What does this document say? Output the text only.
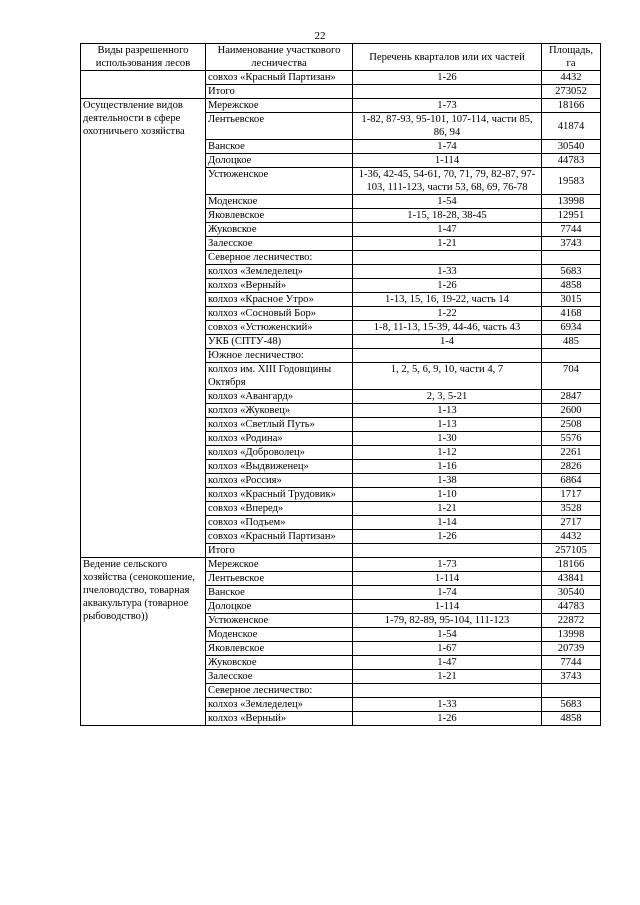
22
Виды разрешенного использования лесов	Наименование участкового лесничества	Перечень кварталов или их частей	Площадь, га
	совхоз «Красный Партизан»	1-26	4432
	Итого		273052
Осуществление видов деятельности в сфере охотничьего хозяйства	Мережское	1-73	18166
	Лентьевское	1-82, 87-93, 95-101, 107-114, части 85, 86, 94	41874
	Ванское	1-74	30540
	Долоцкое	1-114	44783
	Устюженское	1-36, 42-45, 54-61, 70, 71, 79, 82-87, 97-103, 111-123, части 53, 68, 69, 76-78	19583
	Моденское	1-54	13998
	Яковлевское	1-15, 18-28, 38-45	12951
	Жуковское	1-47	7744
	Залесское	1-21	3743
	Северное лесничество:		
	колхоз «Земледелец»	1-33	5683
	колхоз «Верный»	1-26	4858
	колхоз «Красное Утро»	1-13, 15, 16, 19-22, часть 14	3015
	колхоз «Сосновый Бор»	1-22	4168
	совхоз «Устюженский»	1-8, 11-13, 15-39, 44-46, часть 43	6934
	УКБ (СПТУ-48)	1-4	485
	Южное лесничество:		
	колхоз им. XIII Годовщины Октября	1, 2, 5, 6, 9, 10, части 4, 7	704
	колхоз «Авангард»	2, 3, 5-21	2847
	колхоз «Жуковец»	1-13	2600
	колхоз «Светлый Путь»	1-13	2508
	колхоз «Родина»	1-30	5576
	колхоз «Доброволец»	1-12	2261
	колхоз «Выдвиженец»	1-16	2826
	колхоз «Россия»	1-38	6864
	колхоз «Красный Трудовик»	1-10	1717
	совхоз «Вперед»	1-21	3528
	совхоз «Подъем»	1-14	2717
	совхоз «Красный Партизан»	1-26	4432
	Итого		257105
Ведение сельского хозяйства (сенокошение, пчеловодство, товарная аквакультура (товарное рыбоводство))	Мережское	1-73	18166
	Лентьевское	1-114	43841
	Ванское	1-74	30540
	Долоцкое	1-114	44783
	Устюженское	1-79, 82-89, 95-104, 111-123	22872
	Моденское	1-54	13998
	Яковлевское	1-67	20739
	Жуковское	1-47	7744
	Залесское	1-21	3743
	Северное лесничество:		
	колхоз «Земледелец»	1-33	5683
	колхоз «Верный»	1-26	4858
